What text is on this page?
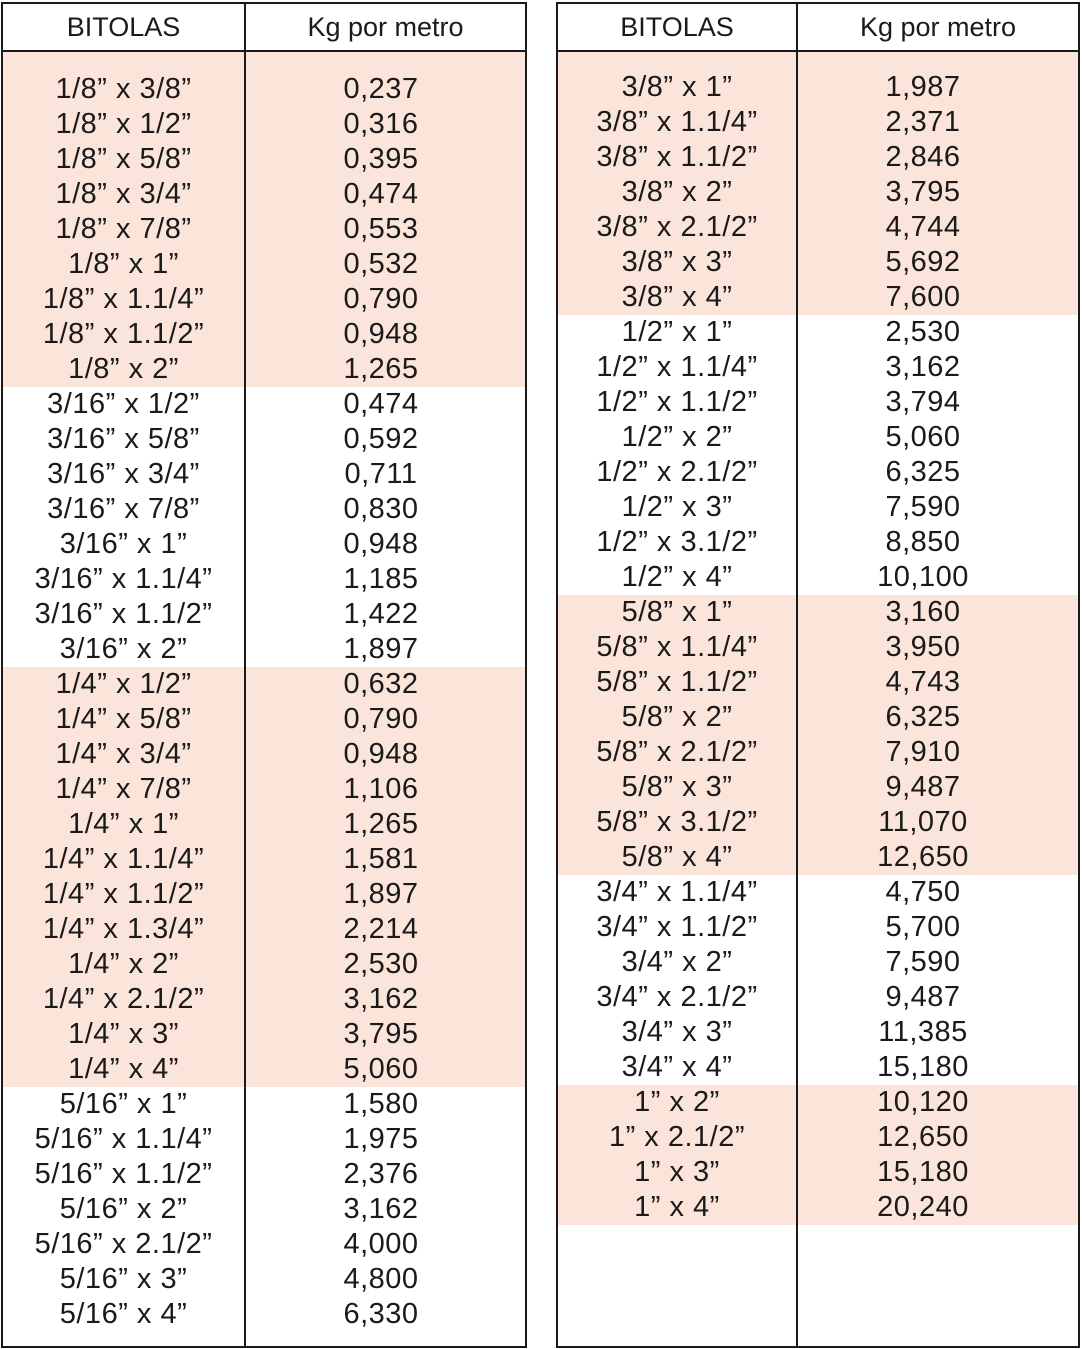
BITOLAS	Kg por metro
1/8” x 3/8”	0,237
1/8” x 1/2”	0,316
1/8” x 5/8”	0,395
1/8” x 3/4”	0,474
1/8” x 7/8”	0,553
1/8” x 1”	0,532
1/8” x 1.1/4”	0,790
1/8” x 1.1/2”	0,948
1/8” x 2”	1,265
3/16” x 1/2”	0,474
3/16” x 5/8”	0,592
3/16” x 3/4”	0,711
3/16” x 7/8”	0,830
3/16” x 1”	0,948
3/16” x 1.1/4”	1,185
3/16” x 1.1/2”	1,422
3/16” x 2”	1,897
1/4” x 1/2”	0,632
1/4” x 5/8”	0,790
1/4” x 3/4”	0,948
1/4” x 7/8”	1,106
1/4” x 1”	1,265
1/4” x 1.1/4”	1,581
1/4” x 1.1/2”	1,897
1/4” x 1.3/4”	2,214
1/4” x 2”	2,530
1/4” x 2.1/2”	3,162
1/4” x 3”	3,795
1/4” x 4”	5,060
5/16” x 1”	1,580
5/16” x 1.1/4”	1,975
5/16” x 1.1/2”	2,376
5/16” x 2”	3,162
5/16” x 2.1/2”	4,000
5/16” x 3”	4,800
5/16” x 4”	6,330
BITOLAS	Kg por metro
3/8” x 1”	1,987
3/8” x 1.1/4”	2,371
3/8” x 1.1/2”	2,846
3/8” x 2”	3,795
3/8” x 2.1/2”	4,744
3/8” x 3”	5,692
3/8” x 4”	7,600
1/2” x 1”	2,530
1/2” x 1.1/4”	3,162
1/2” x 1.1/2”	3,794
1/2” x 2”	5,060
1/2” x 2.1/2”	6,325
1/2” x 3”	7,590
1/2” x 3.1/2”	8,850
1/2” x 4”	10,100
5/8” x 1”	3,160
5/8” x 1.1/4”	3,950
5/8” x 1.1/2”	4,743
5/8” x 2”	6,325
5/8” x 2.1/2”	7,910
5/8” x 3”	9,487
5/8” x 3.1/2”	11,070
5/8” x 4”	12,650
3/4” x 1.1/4”	4,750
3/4” x 1.1/2”	5,700
3/4” x 2”	7,590
3/4” x 2.1/2”	9,487
3/4” x 3”	11,385
3/4” x 4”	15,180
1” x 2”	10,120
1” x 2.1/2”	12,650
1” x 3”	15,180
1” x 4”	20,240
